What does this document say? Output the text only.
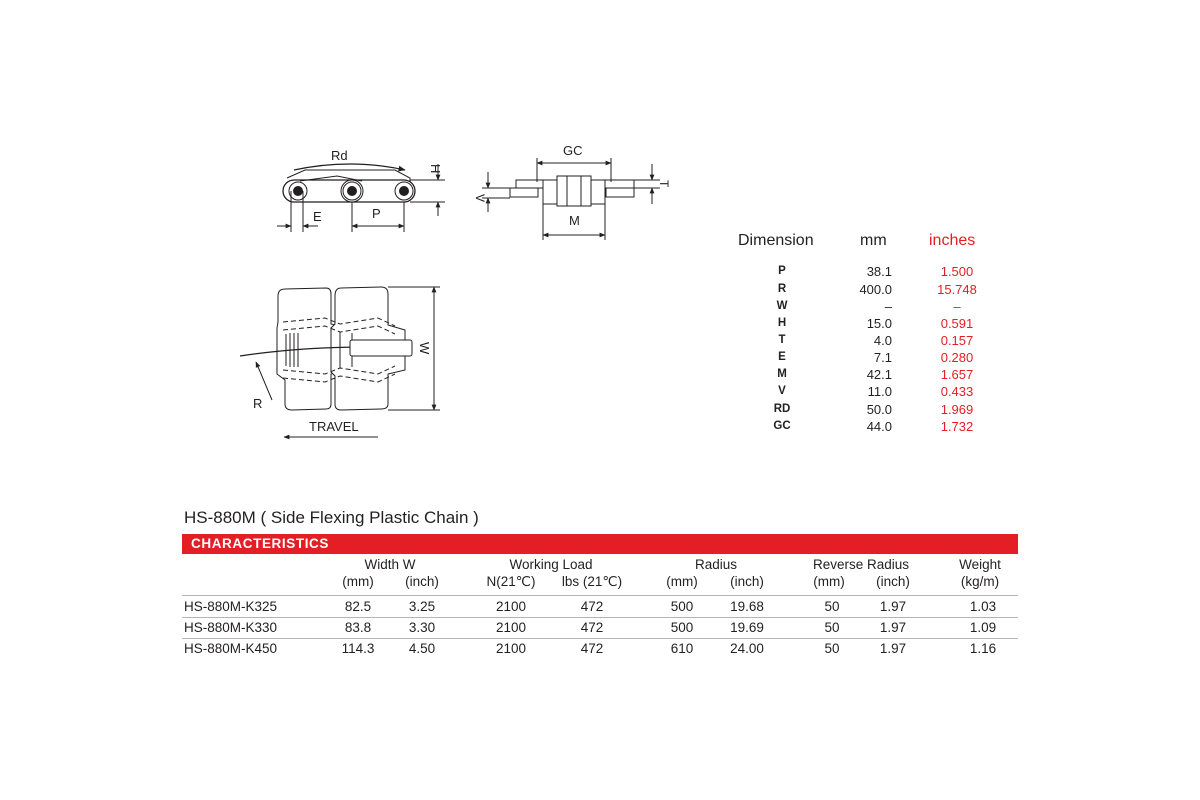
Rd
H
E	P
GC
V
T
M
W
R
TRAVEL
Dimension	mm	inches
P	38.1	1.500
R	400.0	15.748
W	–	–
H	15.0	0.591
T	4.0	0.157
E	7.1	0.280
M	42.1	1.657
V	11.0	0.433
RD	50.0	1.969
GC	44.0	1.732
HS-880M ( Side Flexing Plastic Chain )
CHARACTERISTICS
Width W	Working Load	Radius	Reverse Radius	Weight
(mm) (inch)	N(21℃) lbs (21℃)	(mm) (inch)	(mm) (inch)	(kg/m)
HS-880M-K325	82.5	3.25	2100	472	500	19.68	50	1.97	1.03
HS-880M-K330	83.8	3.30	2100	472	500	19.69	50	1.97	1.09
HS-880M-K450	114.3	4.50	2100	472	610	24.00	50	1.97	1.16
